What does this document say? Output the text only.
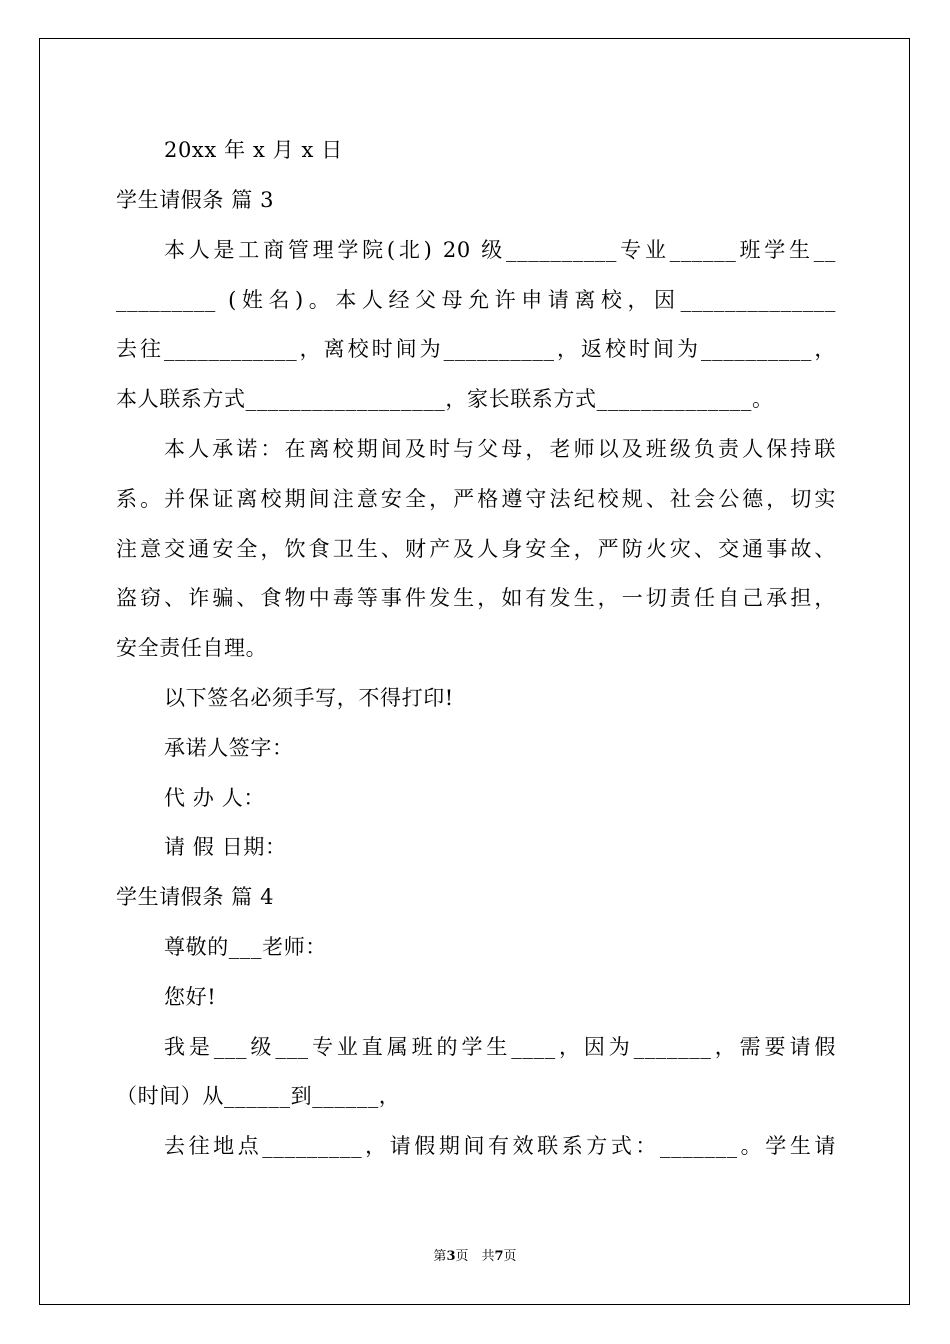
20xx 年 x 月 x 日
学生请假条 篇 3
本人是工商管理学院(北) 20 级__________专业______班学生__
_________ (姓名)。本人经父母允许申请离校，因______________
去往____________，离校时间为__________，返校时间为__________，
本人联系方式__________________，家长联系方式______________。
本人承诺：在离校期间及时与父母，老师以及班级负责人保持联
系。并保证离校期间注意安全，严格遵守法纪校规、社会公德，切实
注意交通安全，饮食卫生、财产及人身安全，严防火灾、交通事故、
盗窃、诈骗、食物中毒等事件发生，如有发生，一切责任自己承担，
安全责任自理。
以下签名必须手写，不得打印!
承诺人签字：
代 办 人：
请 假 日期：
学生请假条 篇 4
尊敬的___老师：
您好!
我是___级___专业直属班的学生____，因为_______，需要请假
（时间）从______到______，
去往地点_________，请假期间有效联系方式：_______。学生请
第3页　共7页
